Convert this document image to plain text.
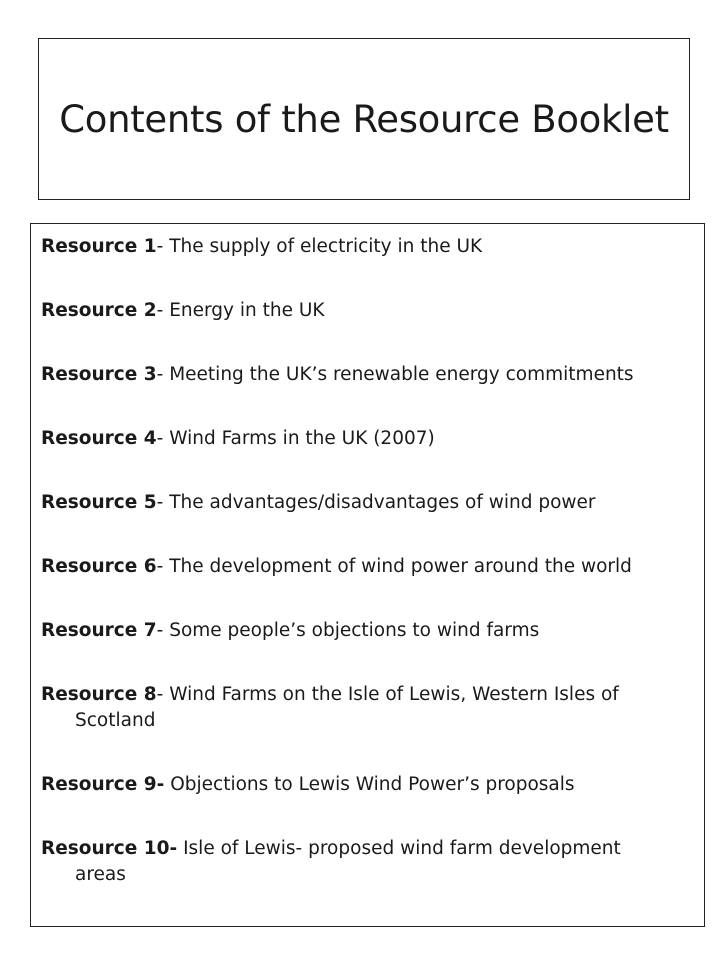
Contents of the Resource Booklet
Resource 1- The supply of electricity in the UK
Resource 2- Energy in the UK
Resource 3- Meeting the UK’s renewable energy commitments
Resource 4- Wind Farms in the UK (2007)
Resource 5- The advantages/disadvantages of wind power
Resource 6- The development of wind power around the world
Resource 7- Some people’s objections to wind farms
Resource 8- Wind Farms on the Isle of Lewis, Western Isles of
Scotland
Resource 9- Objections to Lewis Wind Power’s proposals
Resource 10- Isle of Lewis- proposed wind farm development
areas
